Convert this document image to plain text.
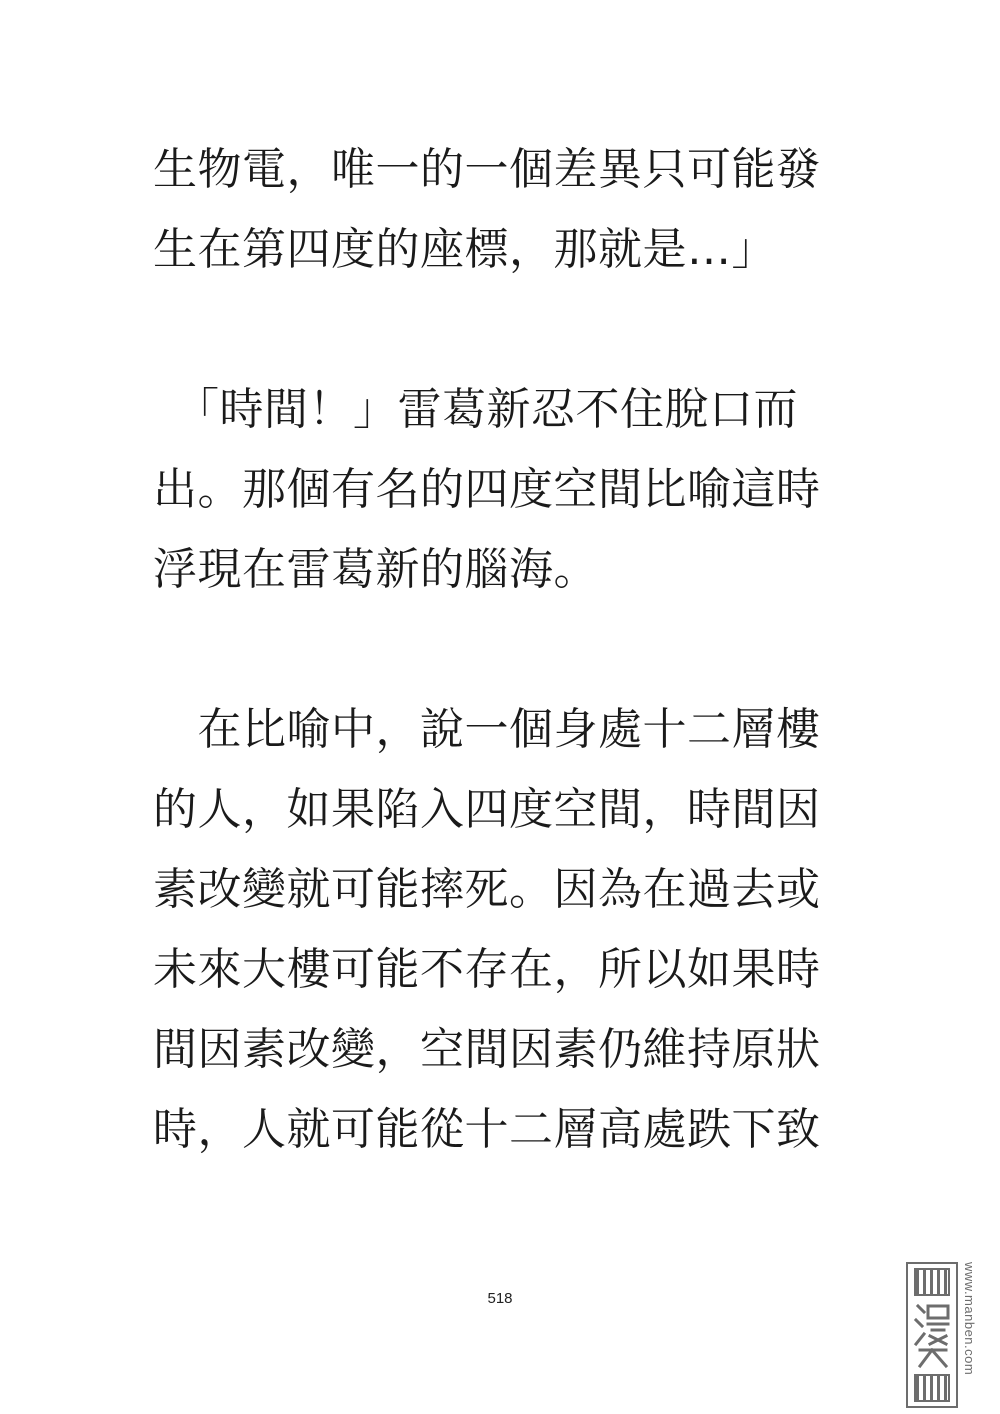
生物電，唯一的一個差異只可能發
生在第四度的座標，那就是…」
「時間！」雷葛新忍不住脫口而
出。那個有名的四度空間比喻這時
浮現在雷葛新的腦海。
　在比喻中，說一個身處十二層樓
的人，如果陷入四度空間，時間因
素改變就可能摔死。因為在過去或
未來大樓可能不存在，所以如果時
間因素改變，空間因素仍維持原狀
時，人就可能從十二層高處跌下致
518	www.manben.com
